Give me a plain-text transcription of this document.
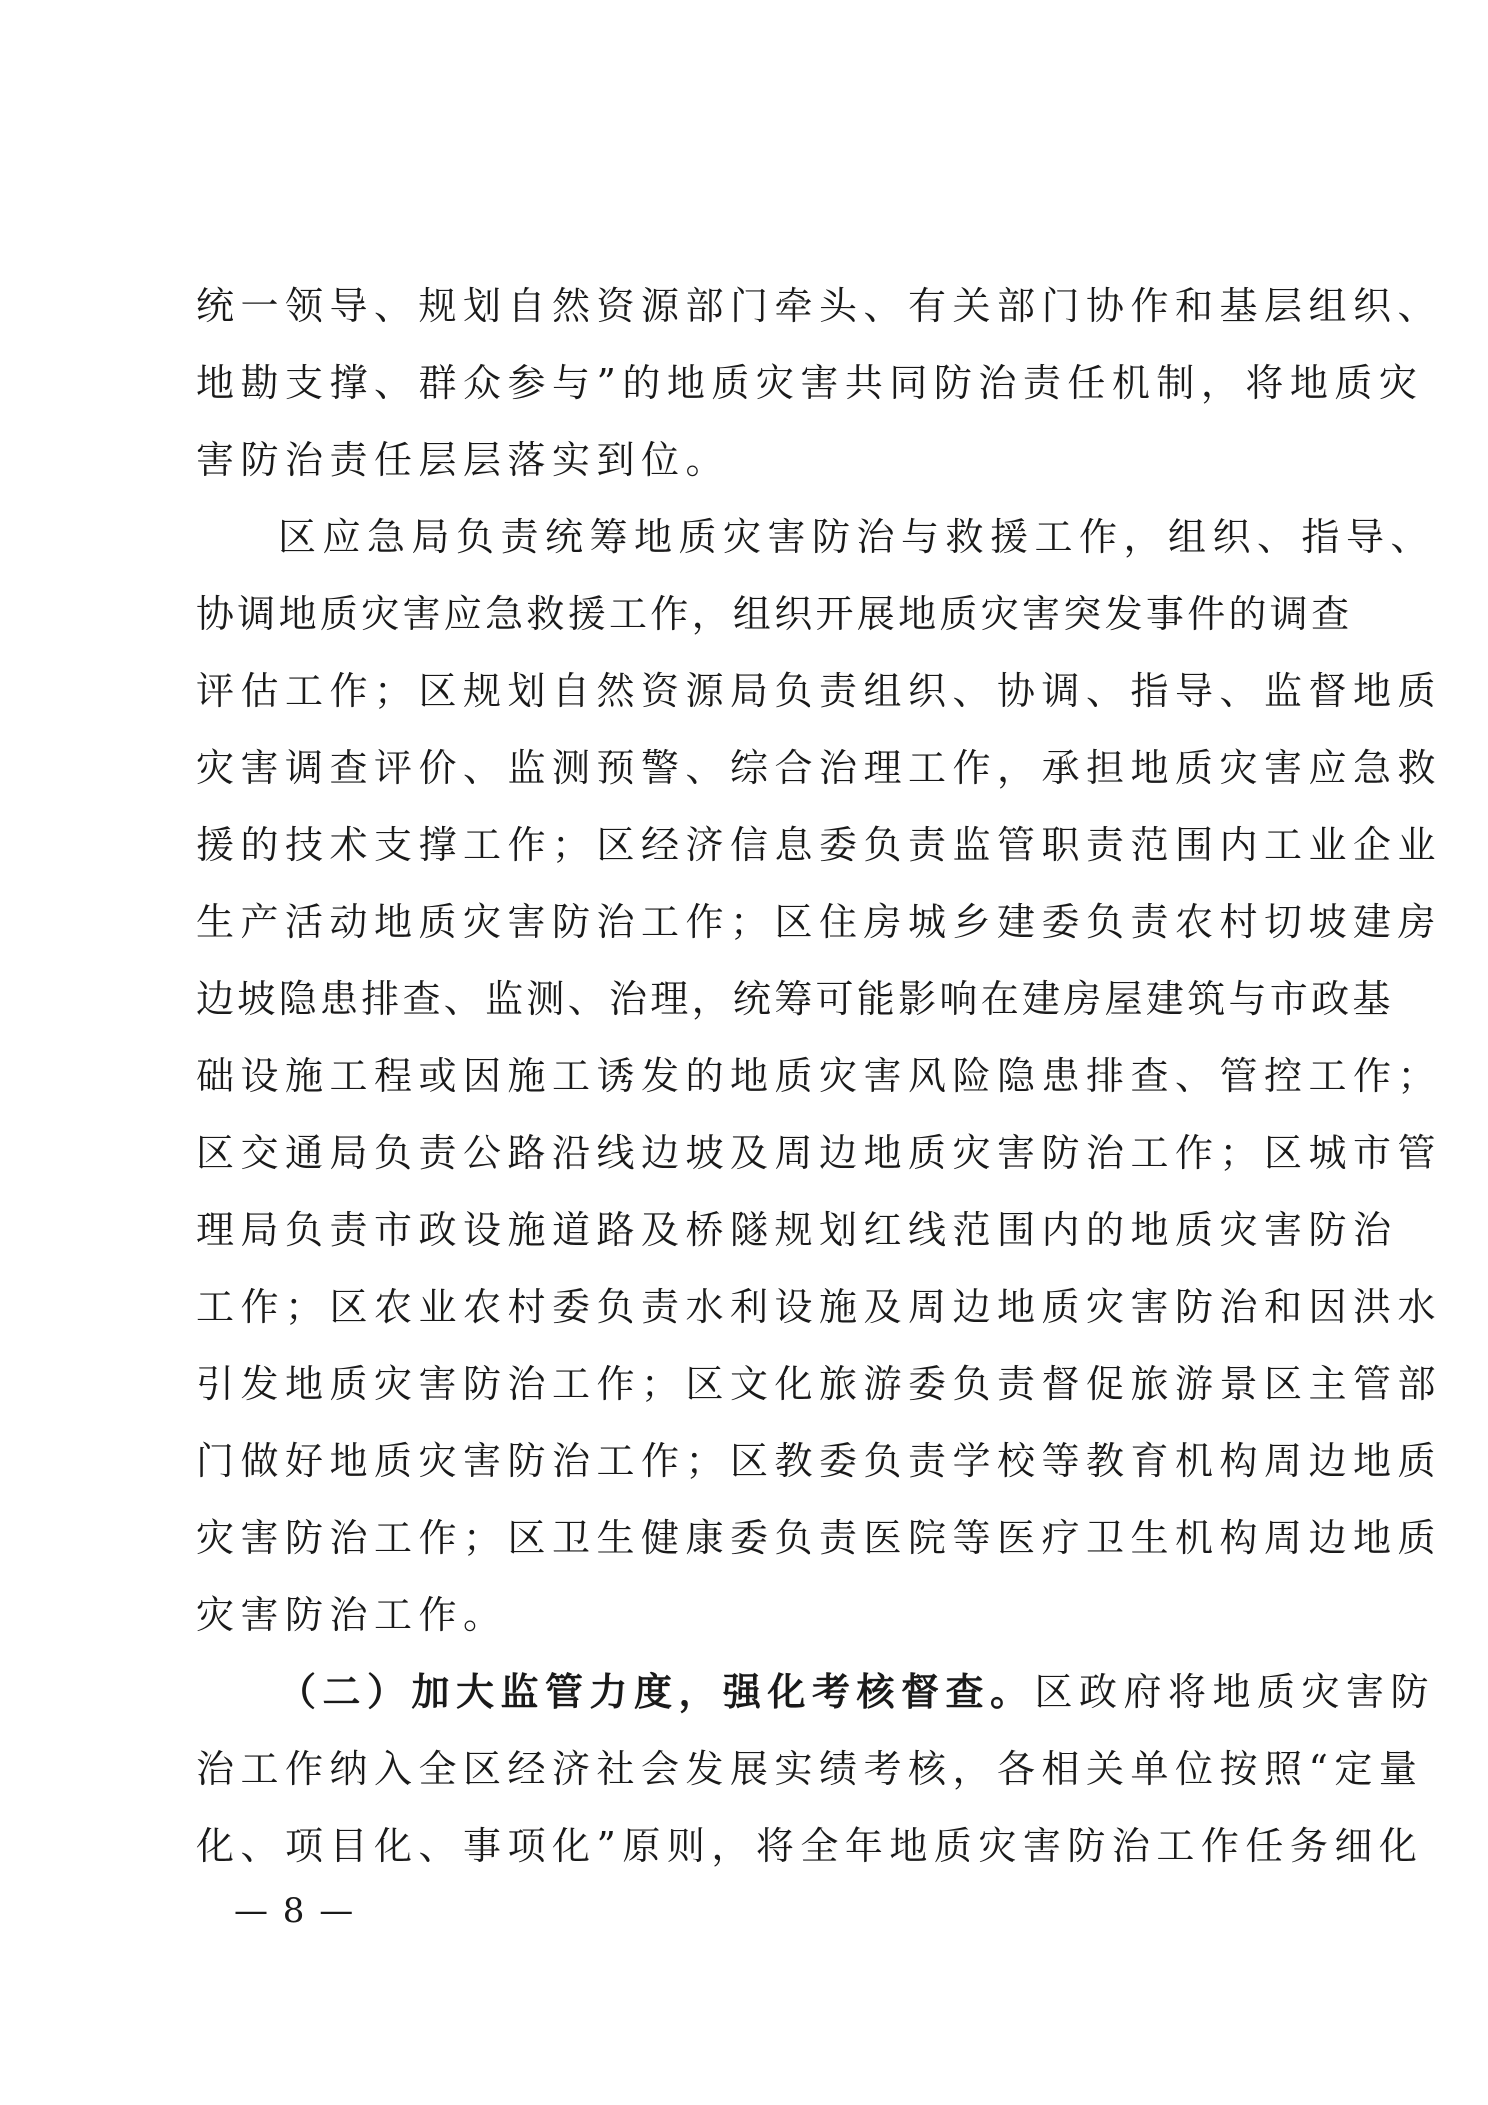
统一领导、规划自然资源部门牵头、有关部门协作和基层组织、
地勘支撑、群众参与”的地质灾害共同防治责任机制，将地质灾
害防治责任层层落实到位。
区应急局负责统筹地质灾害防治与救援工作，组织、指导、
协调地质灾害应急救援工作，组织开展地质灾害突发事件的调查
评估工作；区规划自然资源局负责组织、协调、指导、监督地质
灾害调查评价、监测预警、综合治理工作，承担地质灾害应急救
援的技术支撑工作；区经济信息委负责监管职责范围内工业企业
生产活动地质灾害防治工作；区住房城乡建委负责农村切坡建房
边坡隐患排查、监测、治理，统筹可能影响在建房屋建筑与市政基
础设施工程或因施工诱发的地质灾害风险隐患排查、管控工作；
区交通局负责公路沿线边坡及周边地质灾害防治工作；区城市管
理局负责市政设施道路及桥隧规划红线范围内的地质灾害防治
工作；区农业农村委负责水利设施及周边地质灾害防治和因洪水
引发地质灾害防治工作；区文化旅游委负责督促旅游景区主管部
门做好地质灾害防治工作；区教委负责学校等教育机构周边地质
灾害防治工作；区卫生健康委负责医院等医疗卫生机构周边地质
灾害防治工作。
（二）加大监管力度，强化考核督查。区政府将地质灾害防
治工作纳入全区经济社会发展实绩考核，各相关单位按照“定量
化、项目化、事项化”原则，将全年地质灾害防治工作任务细化
— 8 —
